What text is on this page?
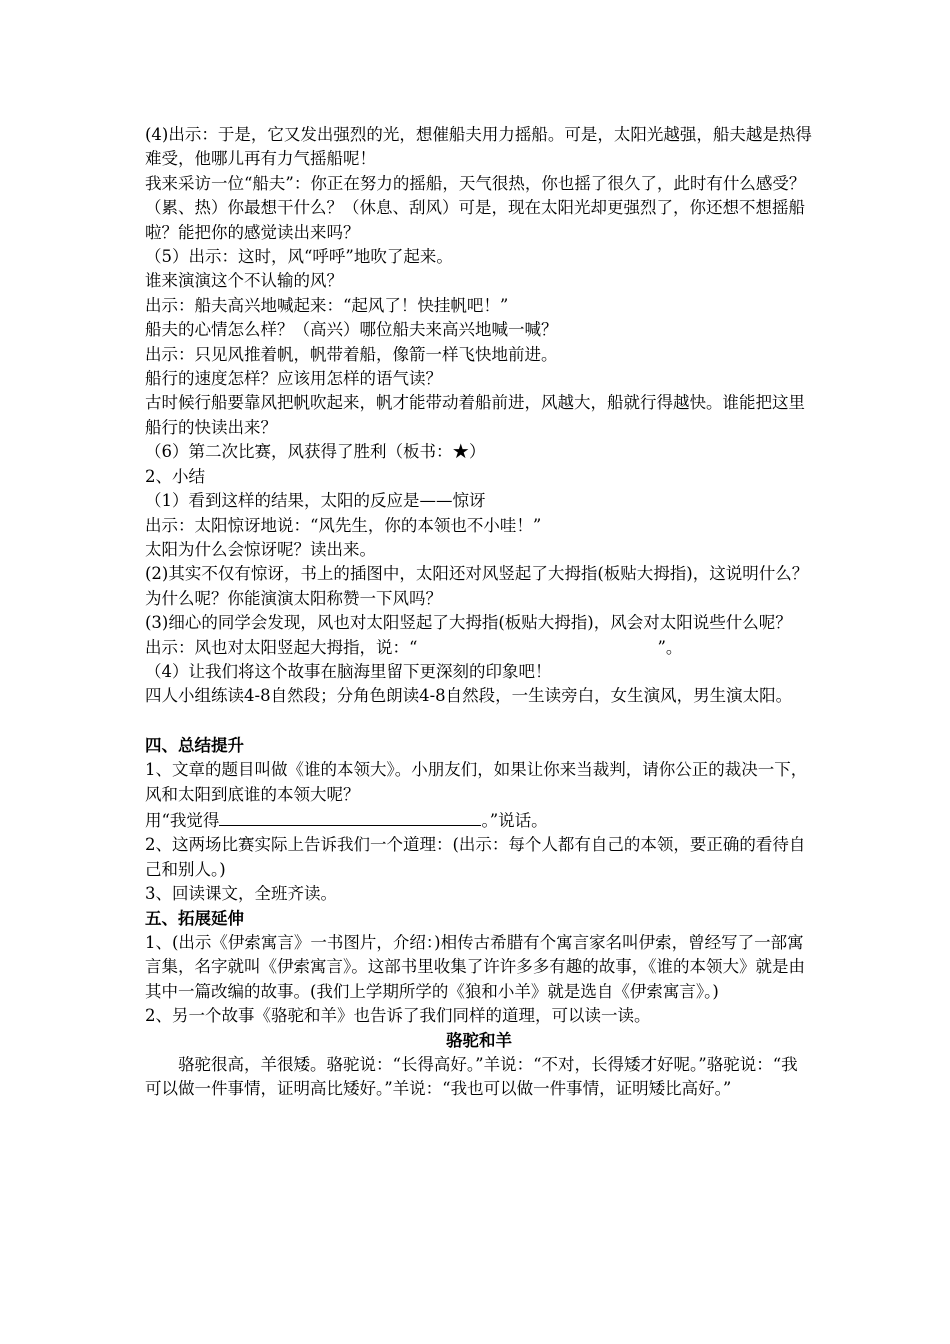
(4)出示：于是，它又发出强烈的光，想催船夫用力摇船。可是，太阳光越强，船夫越是热得难受，他哪儿再有力气摇船呢！

我来采访一位“船夫”：你正在努力的摇船，天气很热，你也摇了很久了，此时有什么感受？（累、热）你最想干什么？（休息、刮风）可是，现在太阳光却更强烈了，你还想不想摇船啦？能把你的感觉读出来吗？

（5）出示：这时，风“呼呼”地吹了起来。

谁来演演这个不认输的风？

出示：船夫高兴地喊起来：“起风了！快挂帆吧！”

船夫的心情怎么样？（高兴）哪位船夫来高兴地喊一喊？

出示：只见风推着帆，帆带着船，像箭一样飞快地前进。

船行的速度怎样？应该用怎样的语气读？

古时候行船要靠风把帆吹起来，帆才能带动着船前进，风越大，船就行得越快。谁能把这里船行的快读出来？

（6）第二次比赛，风获得了胜利（板书：★）

2、小结

（1）看到这样的结果，太阳的反应是——惊讶

出示：太阳惊讶地说：“风先生，你的本领也不小哇！”

太阳为什么会惊讶呢？读出来。

(2)其实不仅有惊讶，书上的插图中，太阳还对风竖起了大拇指(板贴大拇指)，这说明什么？为什么呢？你能演演太阳称赞一下风吗？

(3)细心的同学会发现，风也对太阳竖起了大拇指(板贴大拇指)，风会对太阳说些什么呢？

出示：风也对太阳竖起大拇指，说：“	”。

（4）让我们将这个故事在脑海里留下更深刻的印象吧！

四人小组练读4-8自然段；分角色朗读4-8自然段，一生读旁白，女生演风，男生演太阳。

四、总结提升

1、文章的题目叫做《谁的本领大》。小朋友们，如果让你来当裁判，请你公正的裁决一下，风和太阳到底谁的本领大呢？

用“我觉得	。”说话。

2、这两场比赛实际上告诉我们一个道理：(出示：每个人都有自己的本领，要正确的看待自己和别人。)

3、回读课文，全班齐读。

五、拓展延伸

1、(出示《伊索寓言》一书图片，介绍：)相传古希腊有个寓言家名叫伊索，曾经写了一部寓言集，名字就叫《伊索寓言》。这部书里收集了许许多多有趣的故事，《谁的本领大》就是由其中一篇改编的故事。(我们上学期所学的《狼和小羊》就是选自《伊索寓言》。)

2、另一个故事《骆驼和羊》也告诉了我们同样的道理，可以读一读。

骆驼和羊

骆驼很高，羊很矮。骆驼说：“长得高好。”羊说：“不对，长得矮才好呢。”骆驼说：“我可以做一件事情，证明高比矮好。”羊说：“我也可以做一件事情，证明矮比高好。”
